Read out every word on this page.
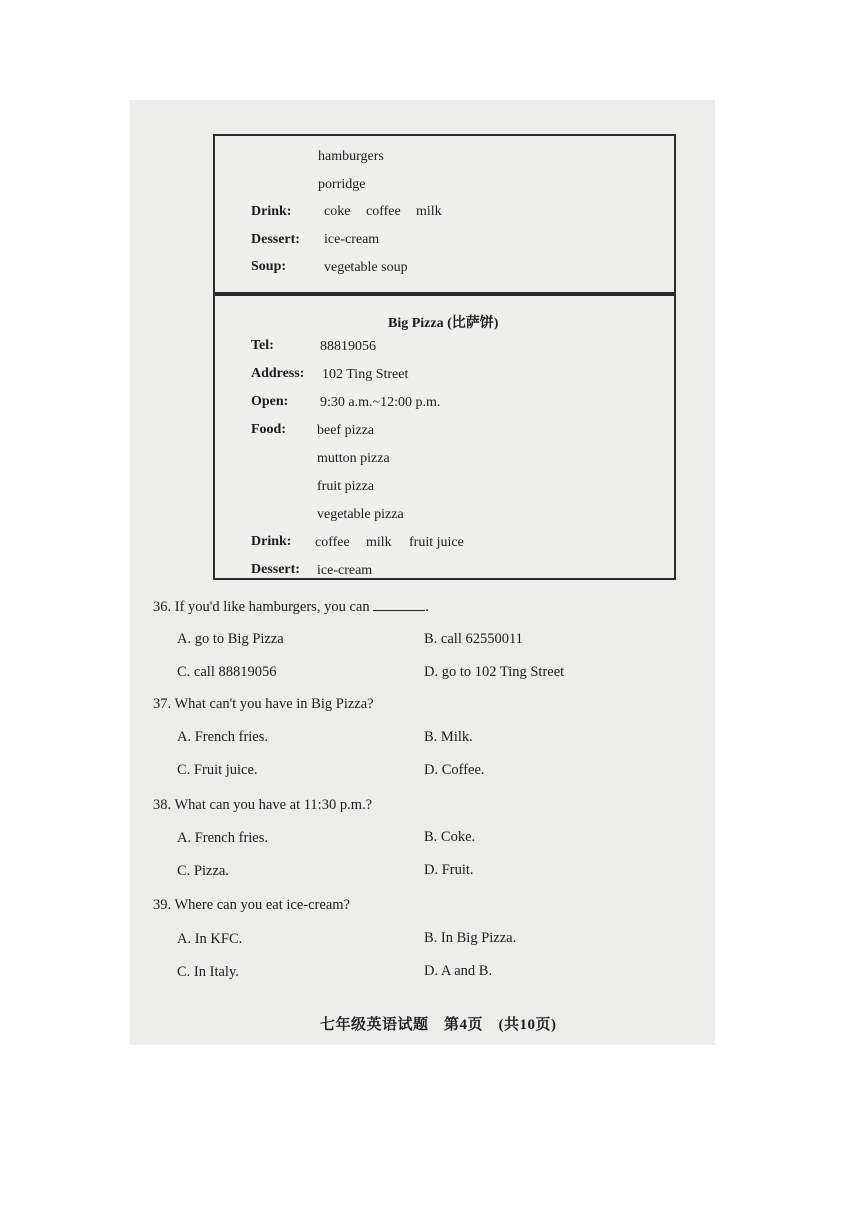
hamburgers
porridge
Drink: coke coffee milk
Dessert: ice-cream
Soup:	vegetable soup
Big Pizza (比萨饼)
Tel:	88819056
Address: 102 Ting Street
Open: 9:30 a.m.~12:00 p.m.
Food: beef pizza
mutton pizza
fruit pizza
vegetable pizza
Drink: coffee milk fruit juice
Dessert: ice-cream
36. If you'd like hamburgers, you can	.
A. go to Big Pizza	B. call 62550011
C. call 88819056	D. go to 102 Ting Street
37. What can't you have in Big Pizza?
A. French fries.	B. Milk.
C. Fruit juice.	D. Coffee.
38. What can you have at 11:30 p.m.?
A. French fries.	B. Coke.
C. Pizza.	D. Fruit.
39. Where can you eat ice-cream?
A. In KFC.	B. In Big Pizza.
C. In Italy.	D. A and B.
七年级英语试题　第4页　(共10页)
